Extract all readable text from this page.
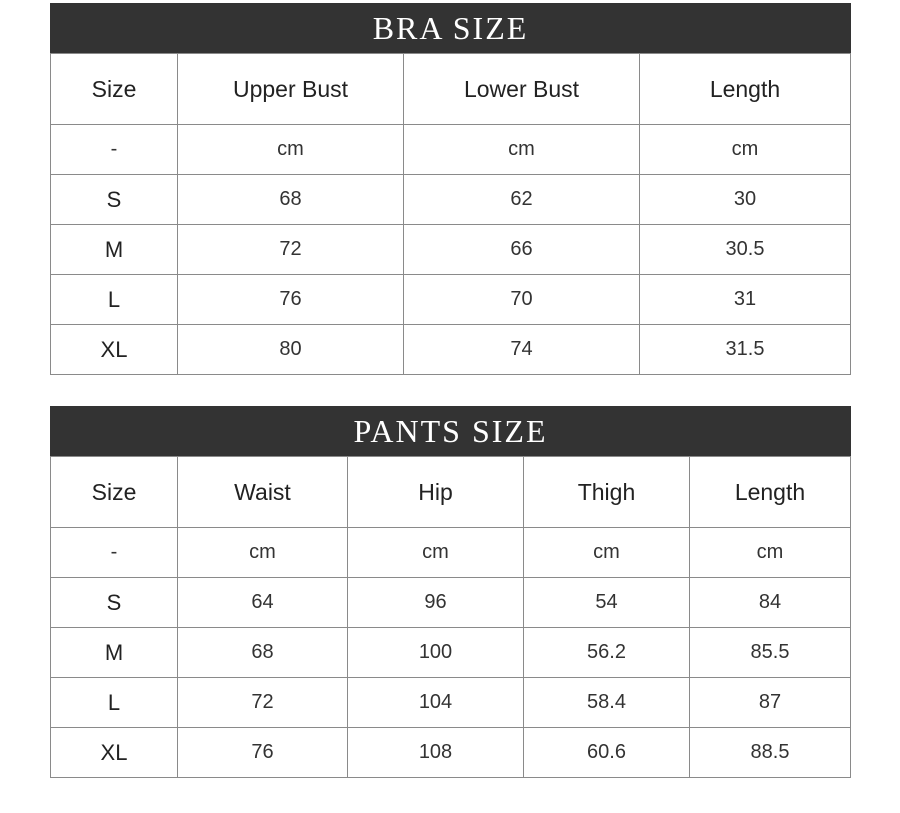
BRA SIZE
Size	Upper Bust	Lower Bust	Length
-	cm	cm	cm
S	68	62	30
M	72	66	30.5
L	76	70	31
XL	80	74	31.5
PANTS SIZE
Size	Waist	Hip	Thigh	Length
-	cm	cm	cm	cm
S	64	96	54	84
M	68	100	56.2	85.5
L	72	104	58.4	87
XL	76	108	60.6	88.5
